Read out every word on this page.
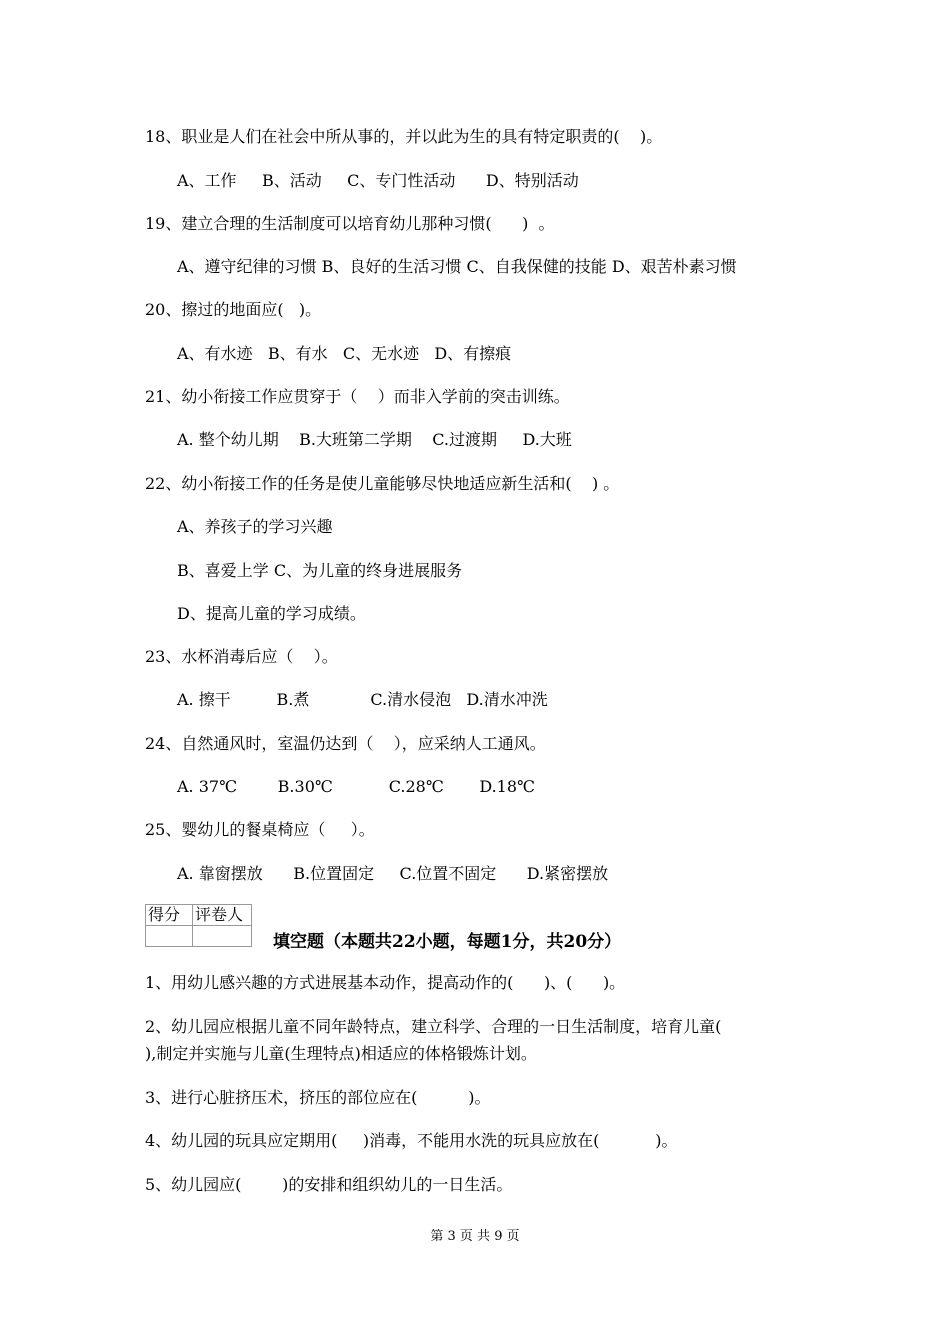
18、职业是人们在社会中所从事的，并以此为生的具有特定职责的(    )。
A、工作     B、活动     C、专门性活动      D、特别活动
19、建立合理的生活制度可以培育幼儿那种习惯(      )  。
A、遵守纪律的习惯 B、良好的生活习惯 C、自我保健的技能 D、艰苦朴素习惯
20、擦过的地面应(   )。
A、有水迹   B、有水   C、无水迹   D、有擦痕
21、幼小衔接工作应贯穿于（    ）而非入学前的突击训练。
A. 整个幼儿期    B.大班第二学期    C.过渡期     D.大班
22、幼小衔接工作的任务是使儿童能够尽快地适应新生活和(    ) 。
A、养孩子的学习兴趣
B、喜爱上学 C、为儿童的终身进展服务
D、提高儿童的学习成绩。
23、水杯消毒后应（    ）。
A. 擦干         B.煮            C.清水侵泡   D.清水冲洗
24、自然通风时，室温仍达到（    ），应采纳人工通风。
A. 37℃        B.30℃           C.28℃       D.18℃
25、婴幼儿的餐桌椅应（     ）。
A. 靠窗摆放      B.位置固定     C.位置不固定      D.紧密摆放
得分	评卷人

填空题（本题共22小题，每题1分，共20分）
1、用幼儿感兴趣的方式进展基本动作，提高动作的(      )、(      )。
2、幼儿园应根据儿童不同年龄特点，建立科学、合理的一日生活制度，培育儿童(
),制定并实施与儿童(生理特点)相适应的体格锻炼计划。
3、进行心脏挤压术，挤压的部位应在(          )。
4、幼儿园的玩具应定期用(     )消毒，不能用水洗的玩具应放在(           )。
5、幼儿园应(        )的安排和组织幼儿的一日生活。
第 3 页 共 9 页
